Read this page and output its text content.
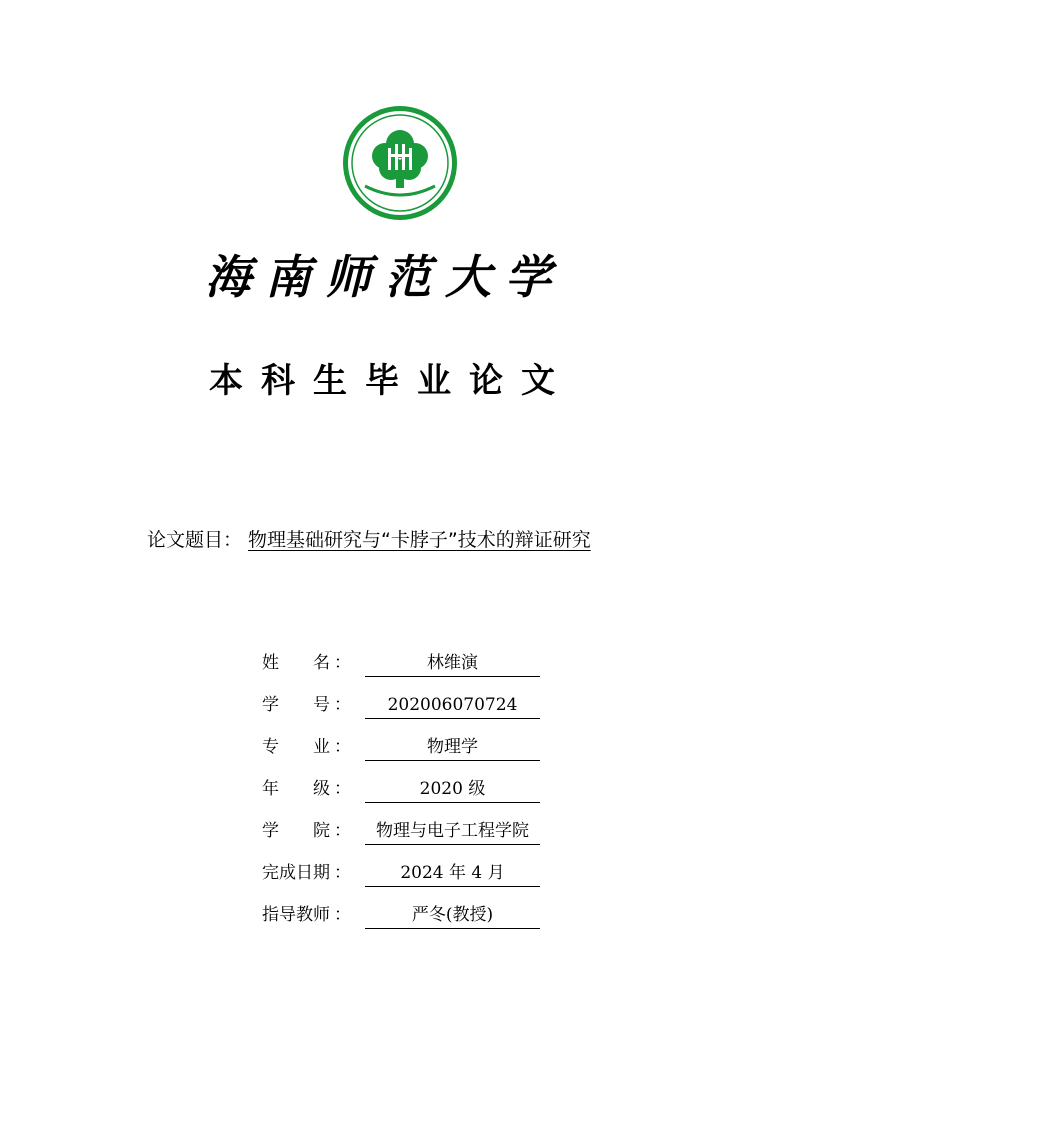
海南师范大学
本科生毕业论文
论文题目： 物理基础研究与“卡脖子”技术的辩证研究
姓　　名 ：	林维演
学　　号 ：	202006070724
专　　业 ：	物理学
年　　级 ：	2020 级
学　　院 ：	物理与电子工程学院
完成日期 ：	2024 年 4 月
指导教师 ：	严冬(教授)
